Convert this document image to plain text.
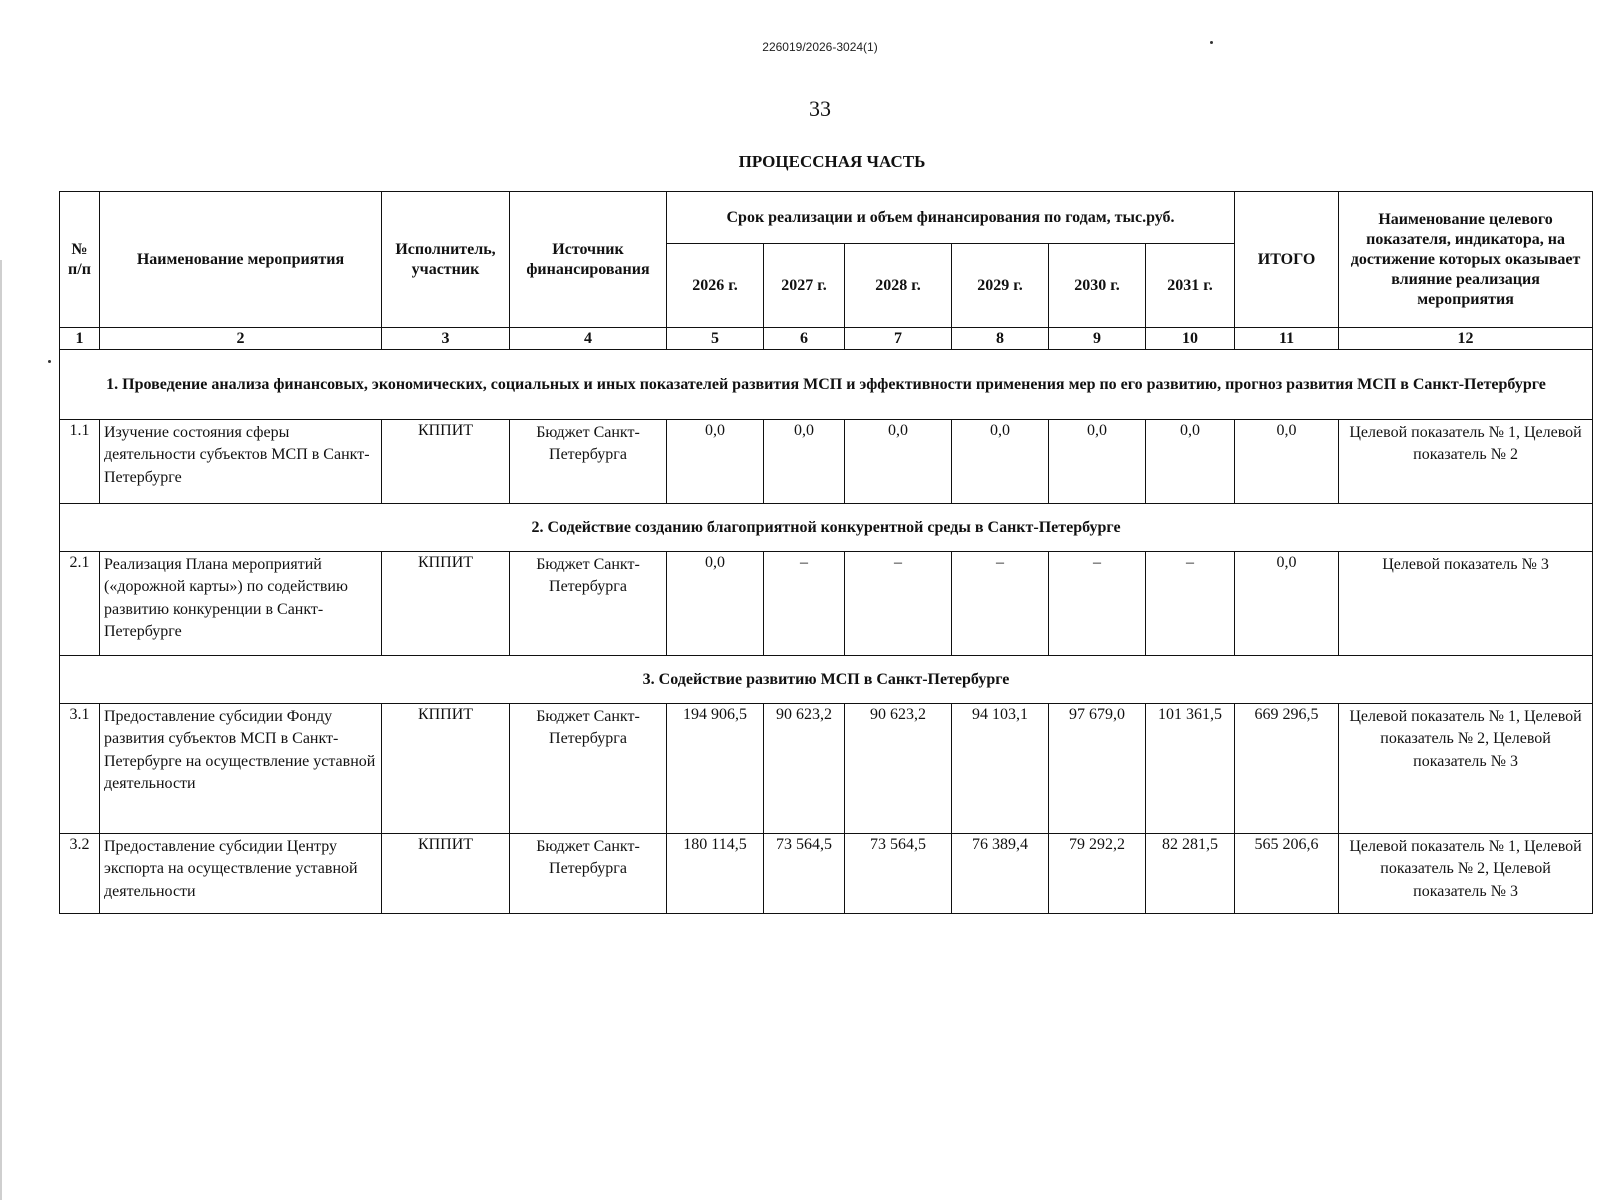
226019/2026-3024(1)
33
ПРОЦЕССНАЯ ЧАСТЬ
№ п/п	Наименование мероприятия	Исполнитель, участник	Источник финансирования	Срок реализации и объем финансирования по годам, тыс.руб.						ИТОГО	Наименование целевого показателя, индикатора, на достижение которых оказывает влияние реализация мероприятия
				2026 г.	2027 г.	2028 г.	2029 г.	2030 г.	2031 г.		
1	2	3	4	5	6	7	8	9	10	11	12
1. Проведение анализа финансовых, экономических, социальных и иных показателей развития МСП и эффективности применения мер по его развитию, прогноз развития МСП в Санкт-Петербурге											
1.1	Изучение состояния сферы деятельности субъектов МСП в Санкт-Петербурге	КППИТ	Бюджет Санкт-Петербурга	0,0	0,0	0,0	0,0	0,0	0,0	0,0	Целевой показатель № 1, Целевой показатель № 2
2. Содействие созданию благоприятной конкурентной среды в Санкт-Петербурге											
2.1	Реализация Плана мероприятий («дорожной карты») по содействию развитию конкуренции в Санкт-Петербурге	КППИТ	Бюджет Санкт-Петербурга	0,0	–	–	–	–	–	0,0	Целевой показатель № 3
3. Содействие развитию МСП в Санкт-Петербурге											
3.1	Предоставление субсидии Фонду развития субъектов МСП в Санкт-Петербурге на осуществление уставной деятельности	КППИТ	Бюджет Санкт-Петербурга	194 906,5	90 623,2	90 623,2	94 103,1	97 679,0	101 361,5	669 296,5	Целевой показатель № 1, Целевой показатель № 2, Целевой показатель № 3
3.2	Предоставление субсидии Центру экспорта на осуществление уставной деятельности	КППИТ	Бюджет Санкт-Петербурга	180 114,5	73 564,5	73 564,5	76 389,4	79 292,2	82 281,5	565 206,6	Целевой показатель № 1, Целевой показатель № 2, Целевой показатель № 3
